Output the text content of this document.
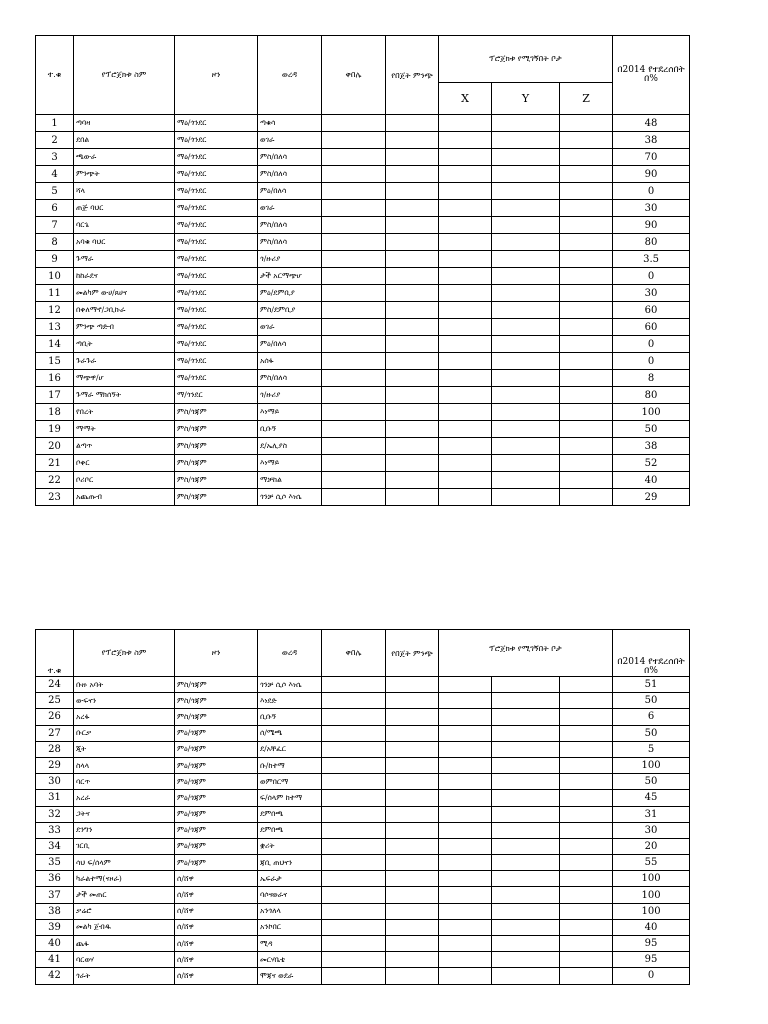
ተ.ቁ	የፕሮጀክቱ ስም	ዞን	ወረዳ	ቀበሌ	የበጀት ምንጭ	ፕሮጀክቱ የሚገኝበት ቦታ			በ2014 የተደረሰበት በ%
						X	Y	Z	
1	ጣባዛ	ማዕ/ጎንደር	ጣቁሳ						48
2	ደበል	ማዕ/ጎንደር	ወገራ						38
3	ጫውራ	ማዕ/ጎንደር	ምስ/በለሳ						70
4	ምንጭት	ማዕ/ጎንደር	ምስ/በለሳ						90
5	ሻላ	ማዕ/ጎንደር	ምዕ/በለሳ						0
6	ጠጅ ባህር	ማዕ/ጎንደር	ወገራ						30
7	ባርጌ	ማዕ/ጎንደር	ምስ/በለሳ						90
8	አባቁ ባህር	ማዕ/ጎንደር	ምስ/በለሳ						80
9	ጉማራ	ማዕ/ጎንደር	ጎ/ዙሪያ						3.5
10	ከከራደና	ማዕ/ጎንደር	ታች አርማጭሆ						0
11	መልካም ውሀ/ጸሀና	ማዕ/ጎንደር	ምዕ/ደምቢያ						30
12	በቀለማኖ/ጋቢኩራ	ማዕ/ጎንደር	ምስ/ደምቢያ						60
13	ምንጭ ጣድብ	ማዕ/ጎንደር	ወገራ						60
14	ጣቢት	ማዕ/ጎንደር	ምዕ/በለሳ						0
15	ጉራጉራ	ማዕ/ጎንደር	አሰፋ						0
16	ማጭዋ/ሆ	ማዕ/ጎንደር	ምስ/በለሳ						8
17	ጉማራ ማክሰኝት	ማ/ጎንደር	ጎ/ዙሪያ						80
18	የበረት	ምስ/ጎጃም	እነማይ						100
19	ማማት	ምስ/ጎጃም	ቢቡኝ						50
20	ልጣጥ	ምስ/ጎጃም	ደ/ኤሊያስ						38
21	ቦቀር	ምስ/ጎጃም	እነማይ						52
22	ቦሪቦር	ምስ/ጎጃም	ማቻከል						40
23	አጨጡብ	ምስ/ጎጃም	ጎንቻ ሲሶ እነሴ						29
ተ.ቁ	የፕሮጀክቱ ስም	ዞን	ወረዳ	ቀበሌ	የበጀት ምንጭ	ፕሮጀክቱ የሚገኝበት ቦታ			በ2014 የተደረሰበት በ%
24	ቡዙ አባት	ምስ/ጎጃም	ጎንቻ ሲሶ እነሴ						51
25	ውፍናን	ምስ/ጎጃም	እነደድ						50
26	አረፋ	ምስ/ጎጃም	ቢቡኝ						6
27	ቡርቃ	ምዕ/ጎጃም	ሰ/ሜጫ						50
28	ጂት	ምዕ/ጎጃም	ደ/አቸፈር						5
29	ስላላ	ምዕ/ጎጃም	ቡ/ከተማ						100
30	ባርጥ	ምዕ/ጎጃም	ወምበርማ						50
31	አረራ	ምዕ/ጎጃም	ፍ/ሰላም ከተማ						45
32	ጋትና	ምዕ/ጎጃም	ደምበጫ						31
33	ደንግን	ምዕ/ጎጃም	ደምበጫ						30
34	ገርቢ	ምዕ/ጎጃም	ቋሪት						20
35	ሳህ ፍ/ሰላም	ምዕ/ጎጃም	ጃቢ ጠህናን						55
36	ካራልተማ(ናዞራ)	ሰ/ሸዋ	ኤፍራታ						100
37	ታች መጠር	ሰ/ሸዋ	ባሶናወራና						100
38	ቃሬሮ	ሰ/ሸዋ	አንጎለላ						100
39	መልካ ጀብዱ	ሰ/ሸዋ	አንኮበር						40
40	ጨፋ	ሰ/ሸዋ	ሚዳ						95
41	ባርወሃ	ሰ/ሸዋ	መርሃቤቴ						95
42	ጎራት	ሰ/ሸዋ	ሞጃና ወደራ						0
